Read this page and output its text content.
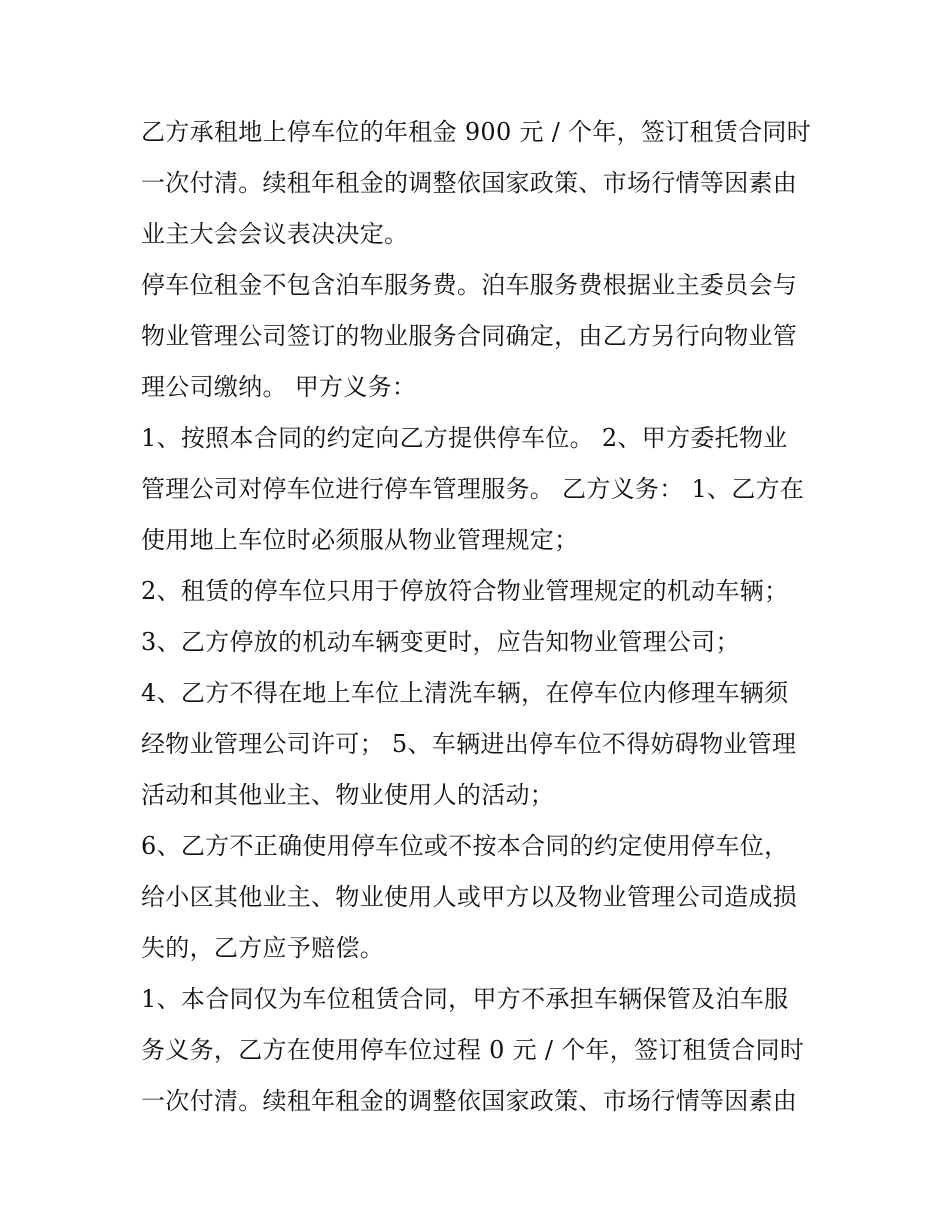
乙方承租地上停车位的年租金 900 元 / 个年，签订租赁合同时
一次付清。续租年租金的调整依国家政策、市场行情等因素由
业主大会会议表决决定。
停车位租金不包含泊车服务费。泊车服务费根据业主委员会与
物业管理公司签订的物业服务合同确定，由乙方另行向物业管
理公司缴纳。 甲方义务：
1、按照本合同的约定向乙方提供停车位。 2、甲方委托物业
管理公司对停车位进行停车管理服务。 乙方义务： 1、乙方在
使用地上车位时必须服从物业管理规定；
2、租赁的停车位只用于停放符合物业管理规定的机动车辆；
3、乙方停放的机动车辆变更时，应告知物业管理公司；
4、乙方不得在地上车位上清洗车辆，在停车位内修理车辆须
经物业管理公司许可； 5、车辆进出停车位不得妨碍物业管理
活动和其他业主、物业使用人的活动；
6、乙方不正确使用停车位或不按本合同的约定使用停车位，
给小区其他业主、物业使用人或甲方以及物业管理公司造成损
失的，乙方应予赔偿。
1、本合同仅为车位租赁合同，甲方不承担车辆保管及泊车服
务义务，乙方在使用停车位过程 0 元 / 个年，签订租赁合同时
一次付清。续租年租金的调整依国家政策、市场行情等因素由
